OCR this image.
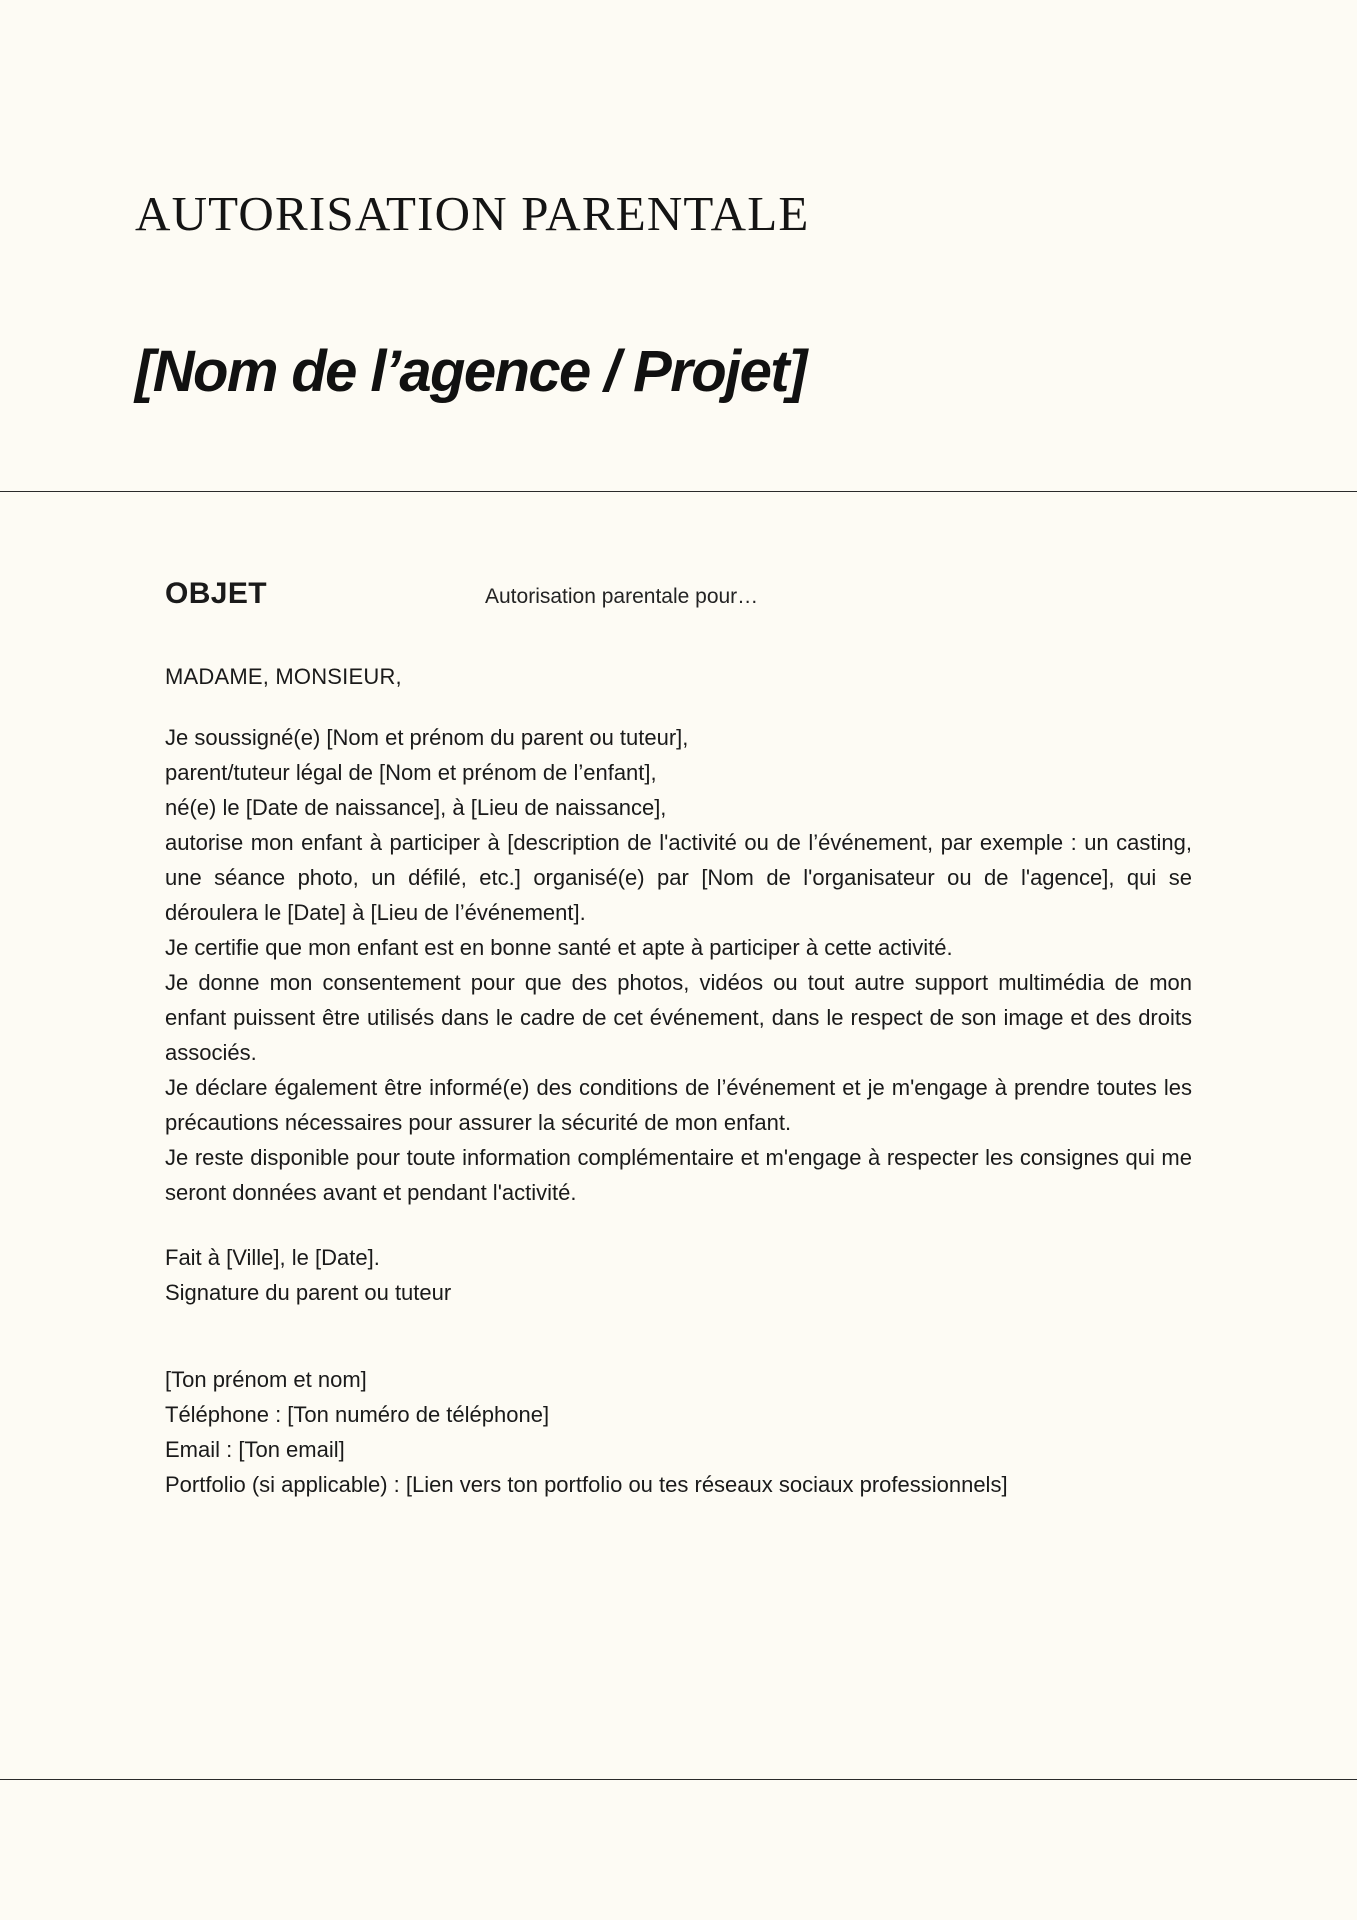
AUTORISATION PARENTALE
[Nom de l’agence / Projet]
OBJET	Autorisation parentale pour…
MADAME, MONSIEUR,
Je soussigné(e) [Nom et prénom du parent ou tuteur],
parent/tuteur légal de [Nom et prénom de l’enfant],
né(e) le [Date de naissance], à [Lieu de naissance],
autorise mon enfant à participer à [description de l'activité ou de l’événement, par exemple : un casting, une séance photo, un défilé, etc.] organisé(e) par [Nom de l'organisateur ou de l'agence], qui se déroulera le [Date] à [Lieu de l’événement].
Je certifie que mon enfant est en bonne santé et apte à participer à cette activité.
Je donne mon consentement pour que des photos, vidéos ou tout autre support multimédia de mon enfant puissent être utilisés dans le cadre de cet événement, dans le respect de son image et des droits associés.
Je déclare également être informé(e) des conditions de l’événement et je m'engage à prendre toutes les précautions nécessaires pour assurer la sécurité de mon enfant.
Je reste disponible pour toute information complémentaire et m'engage à respecter les consignes qui me seront données avant et pendant l'activité.
Fait à [Ville], le [Date].
Signature du parent ou tuteur
[Ton prénom et nom]
Téléphone : [Ton numéro de téléphone]
Email : [Ton email]
Portfolio (si applicable) : [Lien vers ton portfolio ou tes réseaux sociaux professionnels]
